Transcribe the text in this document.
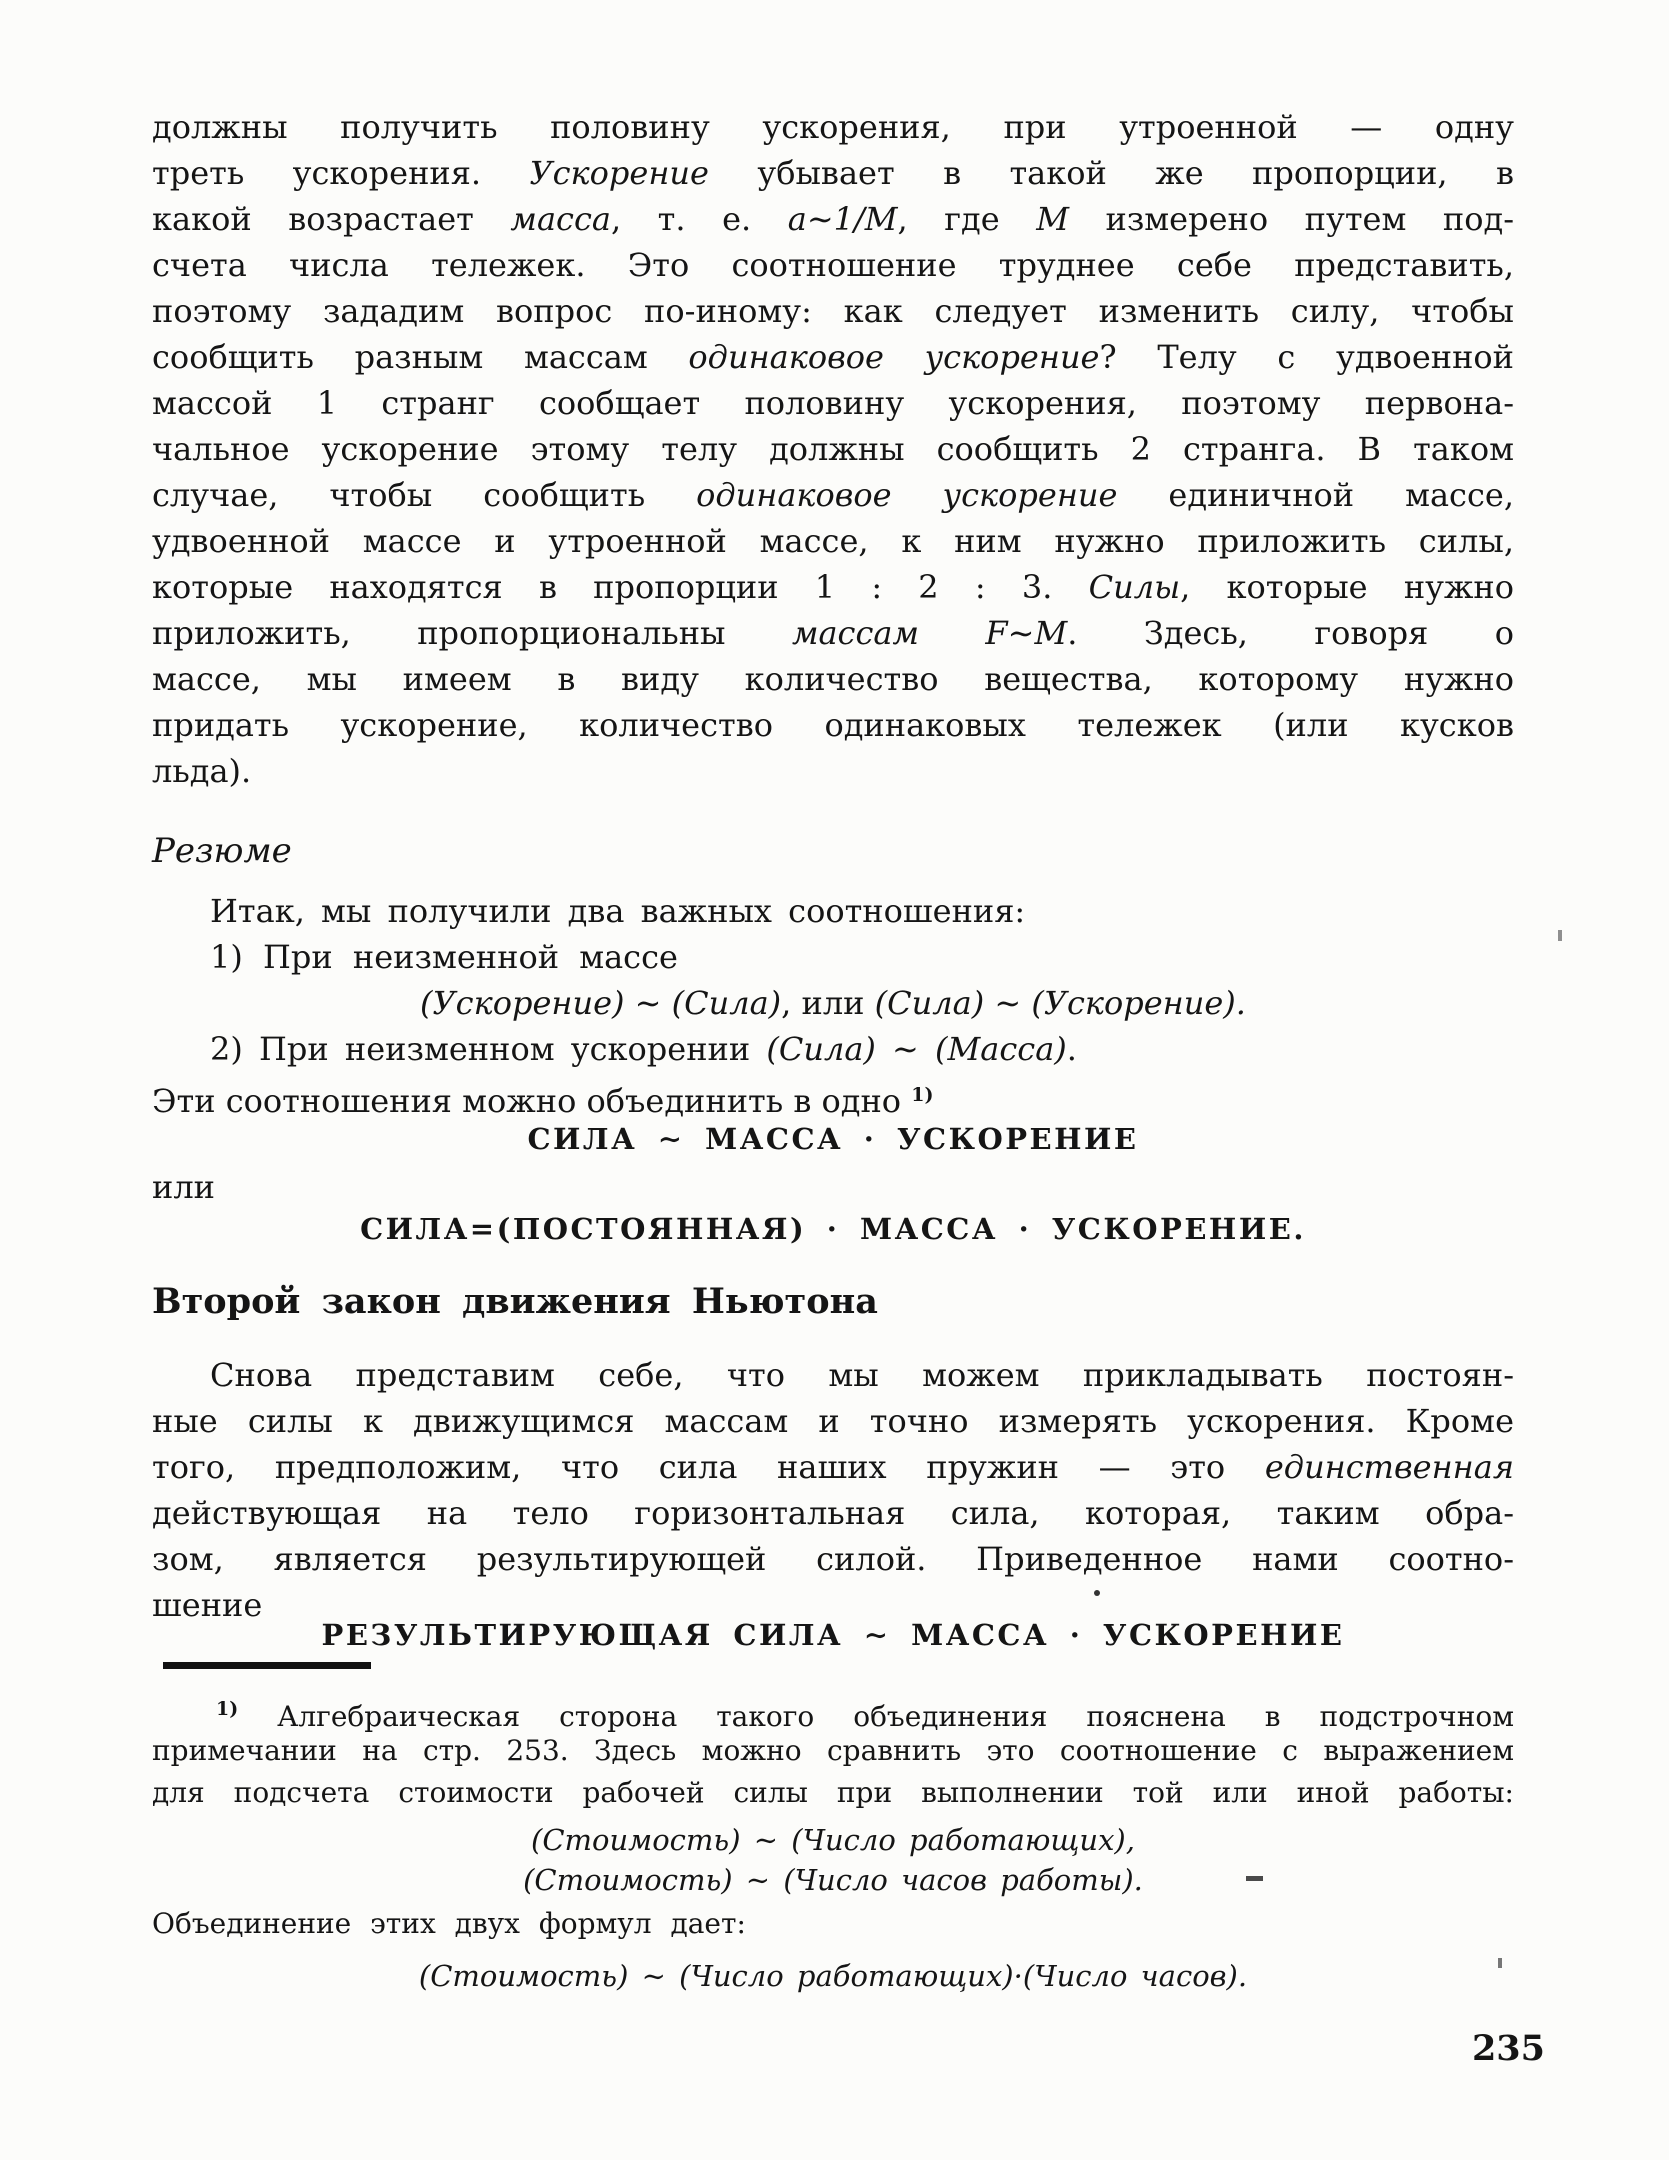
должны получить половину ускорения, при утроенной — одну
треть ускорения. Ускорение убывает в такой же пропорции, в
какой возрастает масса, т. е. a∼1/M, где M измерено путем под-
счета числа тележек. Это соотношение труднее себе представить,
поэтому зададим вопрос по-иному: как следует изменить силу, чтобы
сообщить разным массам одинаковое ускорение? Телу с удвоенной
массой 1 странг сообщает половину ускорения, поэтому первона-
чальное ускорение этому телу должны сообщить 2 странга. В таком
случае, чтобы сообщить одинаковое ускорение единичной массе,
удвоенной массе и утроенной массе, к ним нужно приложить силы,
которые находятся в пропорции 1 : 2 : 3. Силы, которые нужно
приложить, пропорциональны массам F∼M. Здесь, говоря о
массе, мы имеем в виду количество вещества, которому нужно
придать ускорение, количество одинаковых тележек (или кусков
льда).
Резюме
Итак, мы получили два важных соотношения:
1) При неизменной массе
(Ускорение) ∼ (Сила), или (Сила) ∼ (Ускорение).
2) При неизменном ускорении (Сила) ∼ (Масса).
Эти соотношения можно объединить в одно $^{1)}$
СИЛА ∼ МАССА · УСКОРЕНИЕ
или
СИЛА=(ПОСТОЯННАЯ) · МАССА · УСКОРЕНИЕ.
Второй закон движения Ньютона
Снова представим себе, что мы можем прикладывать постоян-
ные силы к движущимся массам и точно измерять ускорения. Кроме
того, предположим, что сила наших пружин — это единственная
действующая на тело горизонтальная сила, которая, таким обра-
зом, является результирующей силой. Приведенное нами соотно-
шение
РЕЗУЛЬТИРУЮЩАЯ СИЛА ∼ МАССА · УСКОРЕНИЕ
$^{1)}$ Алгебраическая сторона такого объединения пояснена в подстрочном
примечании на стр. 253. Здесь можно сравнить это соотношение с выражением
для подсчета стоимости рабочей силы при выполнении той или иной работы:
(Стоимость) ∼ (Число работающих),
(Стоимость) ∼ (Число часов работы).
Объединение этих двух формул дает:
(Стоимость) ∼ (Число работающих)·(Число часов).
235
